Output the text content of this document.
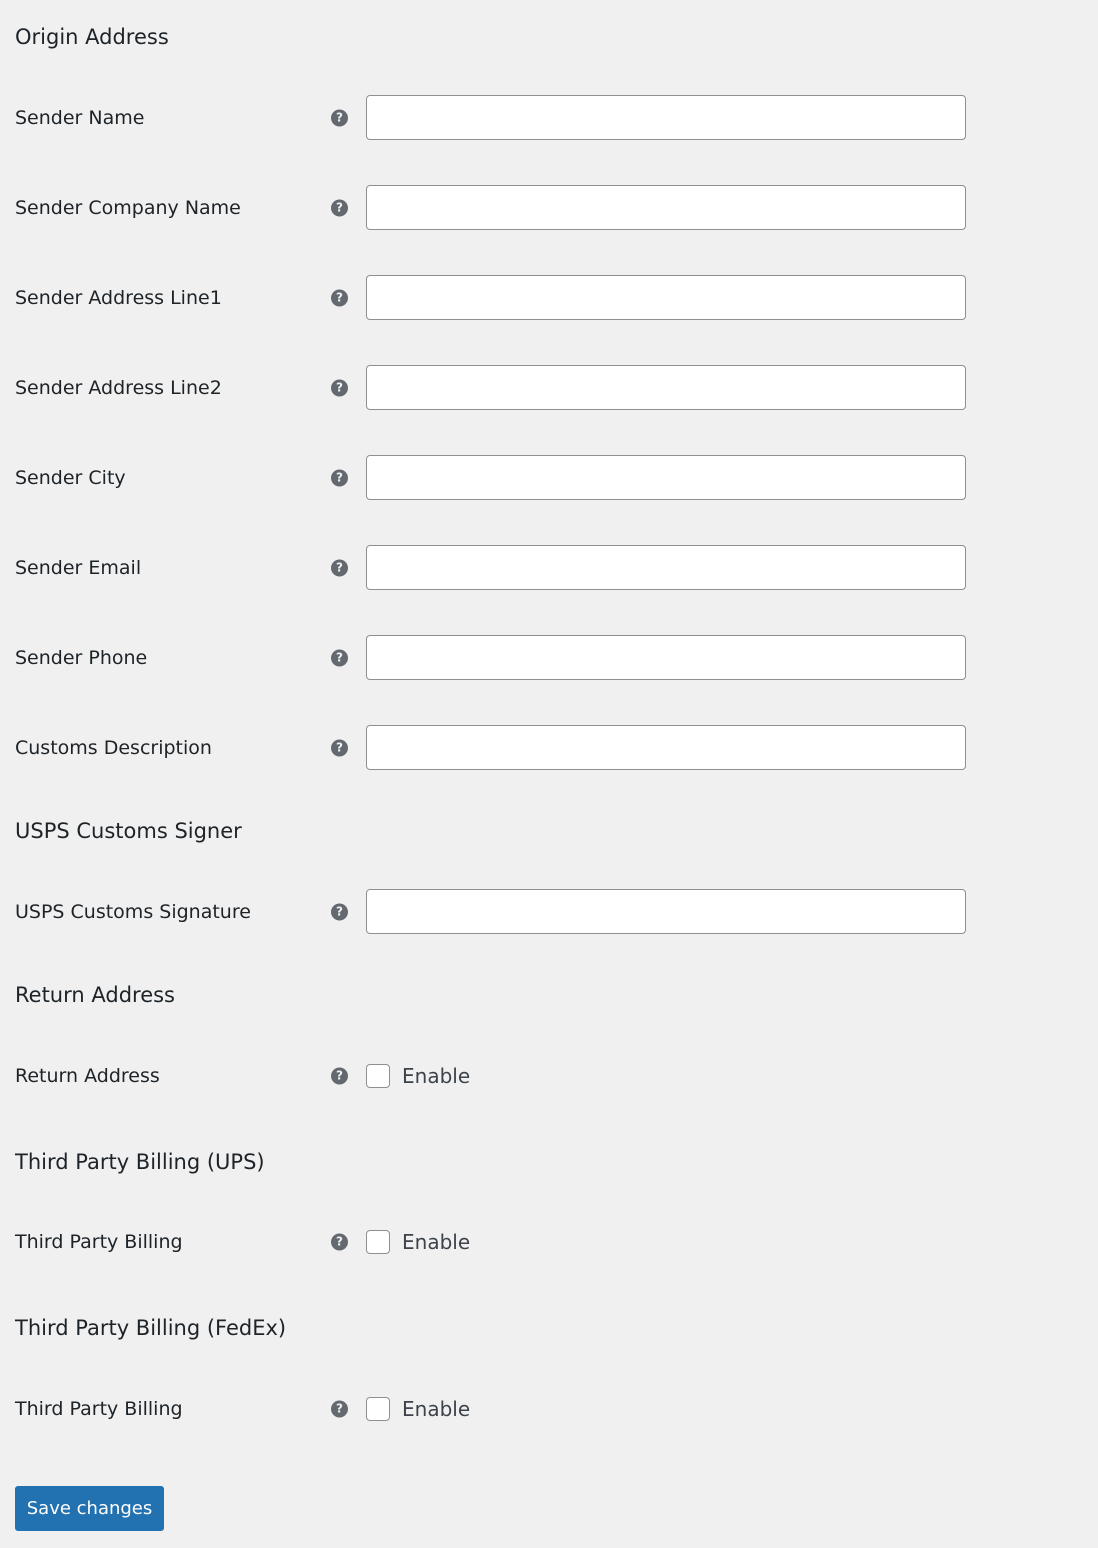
Origin Address
Sender Name	?
Sender Company Name	?
Sender Address Line1	?
Sender Address Line2	?
Sender City	?
Sender Email	?
Sender Phone	?
Customs Description	?
USPS Customs Signer
USPS Customs Signature	?
Return Address
Return Address	?	Enable
Third Party Billing (UPS)
Third Party Billing	?	Enable
Third Party Billing (FedEx)
Third Party Billing	?	Enable
Save changes
